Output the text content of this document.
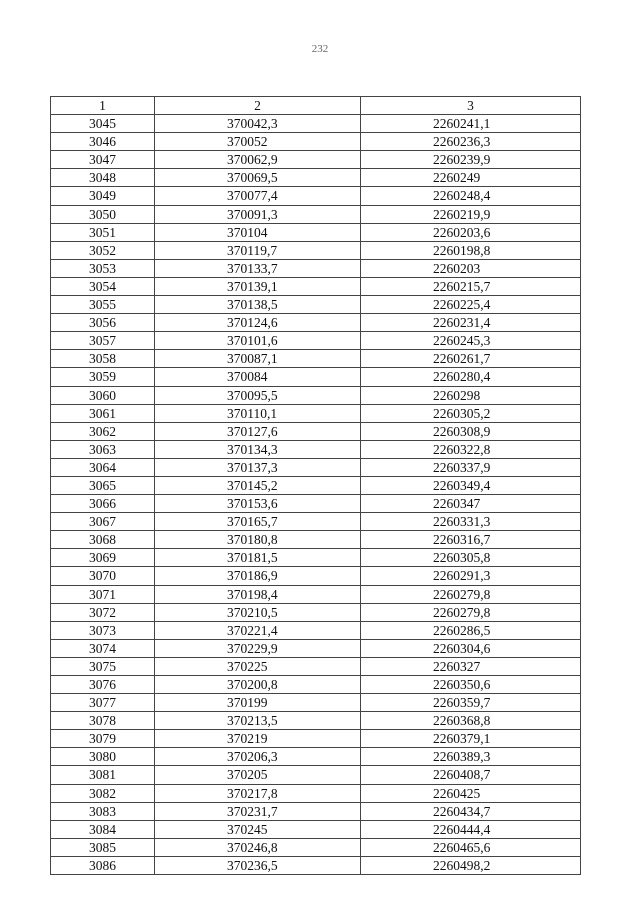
232
1	2	3
3045	370042,3	2260241,1
3046	370052	2260236,3
3047	370062,9	2260239,9
3048	370069,5	2260249
3049	370077,4	2260248,4
3050	370091,3	2260219,9
3051	370104	2260203,6
3052	370119,7	2260198,8
3053	370133,7	2260203
3054	370139,1	2260215,7
3055	370138,5	2260225,4
3056	370124,6	2260231,4
3057	370101,6	2260245,3
3058	370087,1	2260261,7
3059	370084	2260280,4
3060	370095,5	2260298
3061	370110,1	2260305,2
3062	370127,6	2260308,9
3063	370134,3	2260322,8
3064	370137,3	2260337,9
3065	370145,2	2260349,4
3066	370153,6	2260347
3067	370165,7	2260331,3
3068	370180,8	2260316,7
3069	370181,5	2260305,8
3070	370186,9	2260291,3
3071	370198,4	2260279,8
3072	370210,5	2260279,8
3073	370221,4	2260286,5
3074	370229,9	2260304,6
3075	370225	2260327
3076	370200,8	2260350,6
3077	370199	2260359,7
3078	370213,5	2260368,8
3079	370219	2260379,1
3080	370206,3	2260389,3
3081	370205	2260408,7
3082	370217,8	2260425
3083	370231,7	2260434,7
3084	370245	2260444,4
3085	370246,8	2260465,6
3086	370236,5	2260498,2
